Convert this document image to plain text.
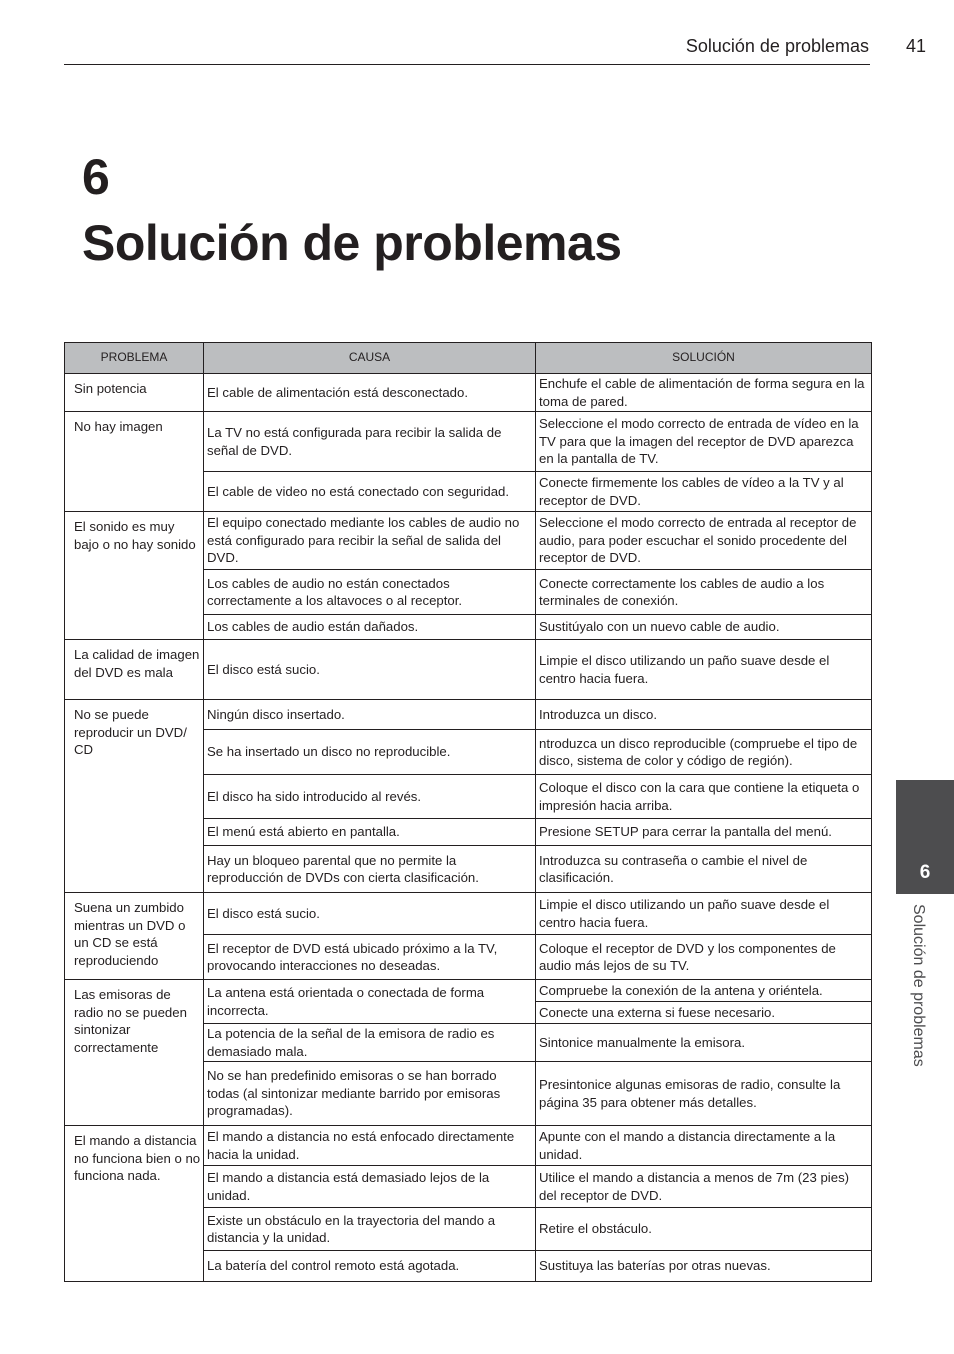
Solución de problemas 41
6
Solución de problemas
PROBLEMA	CAUSA	SOLUCIÓN
Sin potencia	El cable de alimentación está desconectado.	Enchufe el cable de alimentación de forma segura en la toma de pared.
No hay imagen	La TV no está configurada para recibir la salida de señal de DVD.	Seleccione el modo correcto de entrada de vídeo en la TV para que la imagen del receptor de DVD aparezca en la pantalla de TV.
	El cable de video no está conectado con seguridad.	Conecte firmemente los cables de vídeo a la TV y al receptor de DVD.
El sonido es muy bajo o no hay sonido	El equipo conectado mediante los cables de audio no está configurado para recibir la señal de salida del DVD.	Seleccione el modo correcto de entrada al receptor de audio, para poder escuchar el sonido procedente del receptor de DVD.
	Los cables de audio no están conectados correctamente a los altavoces o al receptor.	Conecte correctamente los cables de audio a los terminales de conexión.
	Los cables de audio están dañados.	Sustitúyalo con un nuevo cable de audio.
La calidad de imagen del DVD es mala	El disco está sucio.	Limpie el disco utilizando un paño suave desde el centro hacia fuera.
No se puede reproducir un DVD/ CD	Ningún disco insertado.	Introduzca un disco.
	Se ha insertado un disco no reproducible.	ntroduzca un disco reproducible (compruebe el tipo de disco, sistema de color y código de región).
	El disco ha sido introducido al revés.	Coloque el disco con la cara que contiene la etiqueta o impresión hacia arriba.
	El menú está abierto en pantalla.	Presione SETUP para cerrar la pantalla del menú.
	Hay un bloqueo parental que no permite la reproducción de DVDs con cierta clasificación.	Introduzca su contraseña o cambie el nivel de clasificación.
Suena un zumbido mientras un DVD o un CD se está reproduciendo	El disco está sucio.	Limpie el disco utilizando un paño suave desde el centro hacia fuera.
	El receptor de DVD está ubicado próximo a la TV, provocando interacciones no deseadas.	Coloque el receptor de DVD y los componentes de audio más lejos de su TV.
Las emisoras de radio no se pueden sintonizar correctamente	La antena está orientada o conectada de forma incorrecta.	Compruebe la conexión de la antena y oriéntela.
		Conecte una externa si fuese necesario.
	La potencia de la señal de la emisora de radio es demasiado mala.	Sintonice manualmente la emisora.
	No se han predefinido emisoras o se han borrado todas (al sintonizar mediante barrido por emisoras programadas).	Presintonice algunas emisoras de radio, consulte la página 35 para obtener más detalles.
El mando a distancia no funciona bien o no funciona nada.	El mando a distancia no está enfocado directamente hacia la unidad.	Apunte con el mando a distancia directamente a la unidad.
	El mando a distancia está demasiado lejos de la unidad.	Utilice el mando a distancia a menos de 7m (23 pies) del receptor de DVD.
	Existe un obstáculo en la trayectoria del mando a distancia y la unidad.	Retire el obstáculo.
	La batería del control remoto está agotada.	Sustituya las baterías por otras nuevas.
6
Solución de problemas
